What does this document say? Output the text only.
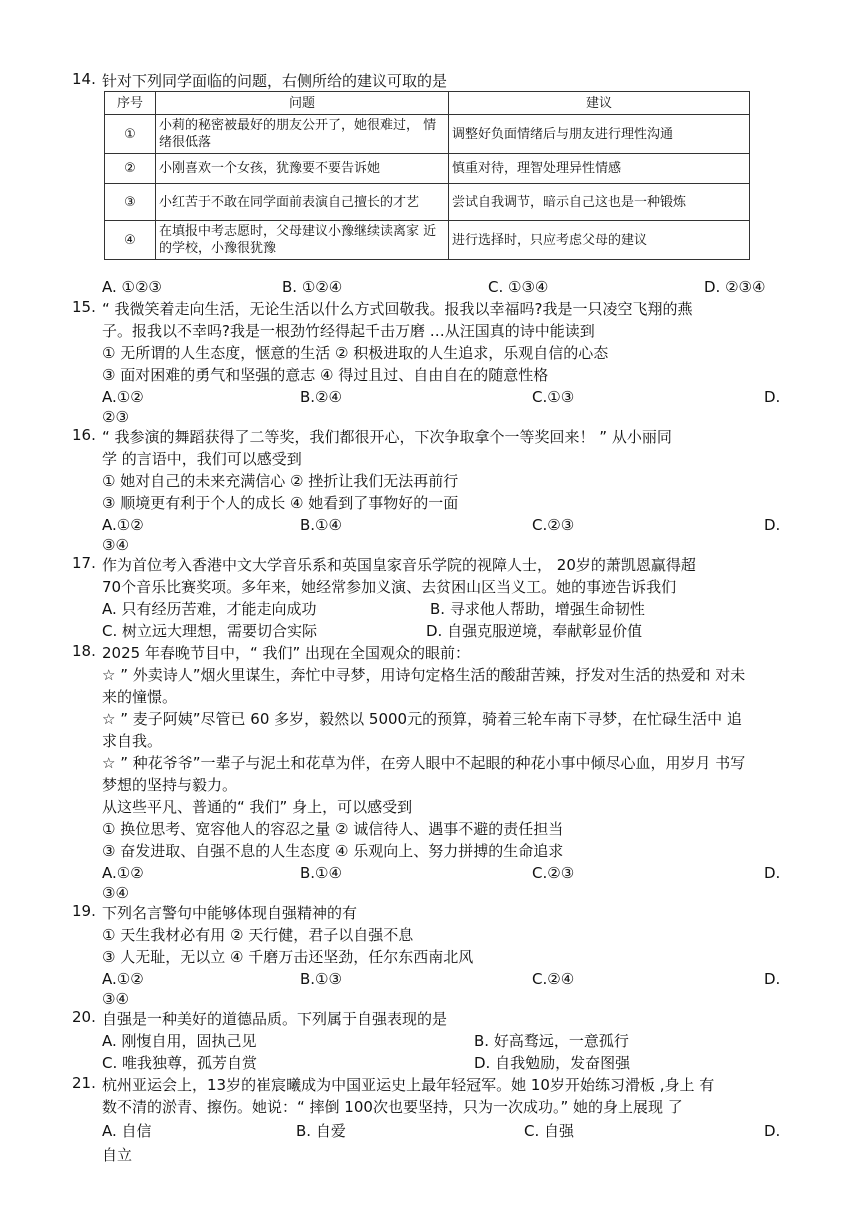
14. 针对下列同学面临的问题，右侧所给的建议可取的是
序号	问题	建议
①	小莉的秘密被最好的朋友公开了，她很难过， 情绪很低落	调整好负面情绪后与朋友进行理性沟通
②	小刚喜欢一个女孩，犹豫要不要告诉她	慎重对待，理智处理异性情感
③	小红苦于不敢在同学面前表演自己擅长的才艺	尝试自我调节，暗示自己这也是一种锻炼
④	在填报中考志愿时，父母建议小豫继续读离家 近的学校，小豫很犹豫	进行选择时，只应考虑父母的建议
A. ①②③	B. ①②④	C. ①③④	D. ②③④
15. “ 我微笑着走向生活，无论生活以什么方式回敬我。报我以幸福吗?我是一只凌空飞翔的燕
子。报我以不幸吗?我是一根劲竹经得起千击万磨 …从汪国真的诗中能读到
① 无所谓的人生态度，惬意的生活 ② 积极进取的人生追求，乐观自信的心态
③ 面对困难的勇气和坚强的意志 ④ 得过且过、自由自在的随意性格
A.①②	B.②④	C.①③	D.
②③
16. “ 我参演的舞蹈获得了二等奖，我们都很开心，下次争取拿个一等奖回来！ ” 从小丽同
学 的言语中，我们可以感受到
① 她对自己的未来充满信心 ② 挫折让我们无法再前行
③ 顺境更有利于个人的成长 ④ 她看到了事物好的一面
A.①②	B.①④	C.②③	D.
③④
17. 作为首位考入香港中文大学音乐系和英国皇家音乐学院的视障人士， 20岁的萧凯恩赢得超
70个音乐比赛奖项。多年来，她经常参加义演、去贫困山区当义工。她的事迹告诉我们
A. 只有经历苦难，才能走向成功	B. 寻求他人帮助，增强生命韧性
C. 树立远大理想，需要切合实际	D. 自强克服逆境，奉献彰显价值
18. 2025 年春晚节目中，“ 我们” 出现在全国观众的眼前：
☆ ” 外卖诗人”烟火里谋生，奔忙中寻梦，用诗句定格生活的酸甜苦辣，抒发对生活的热爱和 对未
来的憧憬。
☆ ” 麦子阿姨”尽管已 60 多岁，毅然以 5000元的预算，骑着三轮车南下寻梦，在忙碌生活中 追
求自我。
☆ ” 种花爷爷”一辈子与泥土和花草为伴，在旁人眼中不起眼的种花小事中倾尽心血，用岁月 书写
梦想的坚持与毅力。
从这些平凡、普通的“ 我们” 身上，可以感受到
① 换位思考、宽容他人的容忍之量 ② 诚信待人、遇事不避的责任担当
③ 奋发进取、自强不息的人生态度 ④ 乐观向上、努力拼搏的生命追求
A.①②	B.①④	C.②③	D.
③④
19. 下列名言警句中能够体现自强精神的有
① 天生我材必有用 ② 天行健，君子以自强不息
③ 人无耻，无以立 ④ 千磨万击还坚劲，任尔东西南北风
A.①②	B.①③	C.②④	D.
③④
20. 自强是一种美好的道德品质。下列属于自强表现的是
A. 刚愎自用，固执己见	B. 好高骛远，一意孤行
C. 唯我独尊，孤芳自赏	D. 自我勉励，发奋图强
21. 杭州亚运会上，13岁的崔宸曦成为中国亚运史上最年轻冠军。她 10岁开始练习滑板 ,身上 有
数不清的淤青、擦伤。她说：“ 摔倒 100次也要坚持，只为一次成功。” 她的身上展现 了
A. 自信	B. 自爱	C. 自强	D.
自立
